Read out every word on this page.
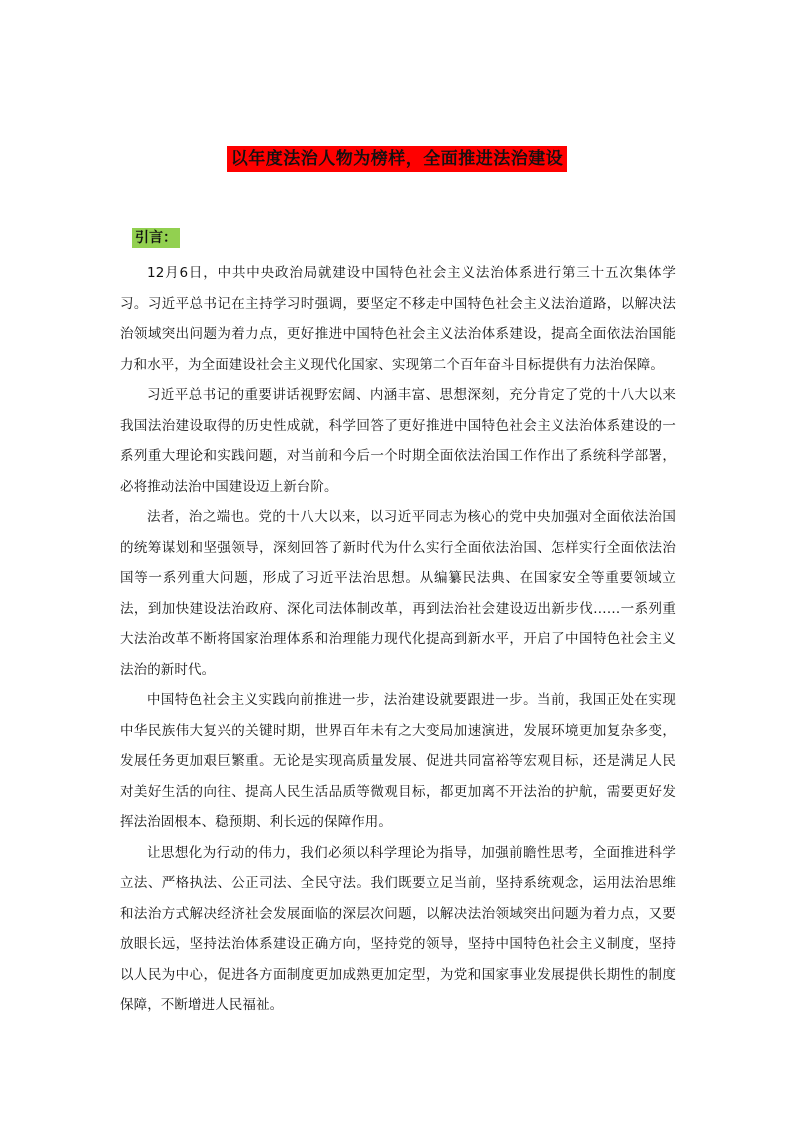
以年度法治人物为榜样，全面推进法治建设
引言：

12月6日，中共中央政治局就建设中国特色社会主义法治体系进行第三十五次集体学习。习近平总书记在主持学习时强调，要坚定不移走中国特色社会主义法治道路，以解决法治领域突出问题为着力点，更好推进中国特色社会主义法治体系建设，提高全面依法治国能力和水平，为全面建设社会主义现代化国家、实现第二个百年奋斗目标提供有力法治保障。

习近平总书记的重要讲话视野宏阔、内涵丰富、思想深刻，充分肯定了党的十八大以来我国法治建设取得的历史性成就，科学回答了更好推进中国特色社会主义法治体系建设的一系列重大理论和实践问题，对当前和今后一个时期全面依法治国工作作出了系统科学部署，必将推动法治中国建设迈上新台阶。

法者，治之端也。党的十八大以来，以习近平同志为核心的党中央加强对全面依法治国的统筹谋划和坚强领导，深刻回答了新时代为什么实行全面依法治国、怎样实行全面依法治国等一系列重大问题，形成了习近平法治思想。从编纂民法典、在国家安全等重要领域立法，到加快建设法治政府、深化司法体制改革，再到法治社会建设迈出新步伐……一系列重大法治改革不断将国家治理体系和治理能力现代化提高到新水平，开启了中国特色社会主义法治的新时代。

中国特色社会主义实践向前推进一步，法治建设就要跟进一步。当前，我国正处在实现中华民族伟大复兴的关键时期，世界百年未有之大变局加速演进，发展环境更加复杂多变，发展任务更加艰巨繁重。无论是实现高质量发展、促进共同富裕等宏观目标，还是满足人民对美好生活的向往、提高人民生活品质等微观目标，都更加离不开法治的护航，需要更好发挥法治固根本、稳预期、利长远的保障作用。

让思想化为行动的伟力，我们必须以科学理论为指导，加强前瞻性思考，全面推进科学立法、严格执法、公正司法、全民守法。我们既要立足当前，坚持系统观念，运用法治思维和法治方式解决经济社会发展面临的深层次问题，以解决法治领域突出问题为着力点，又要放眼长远，坚持法治体系建设正确方向，坚持党的领导，坚持中国特色社会主义制度，坚持以人民为中心，促进各方面制度更加成熟更加定型，为党和国家事业发展提供长期性的制度保障，不断增进人民福祉。
